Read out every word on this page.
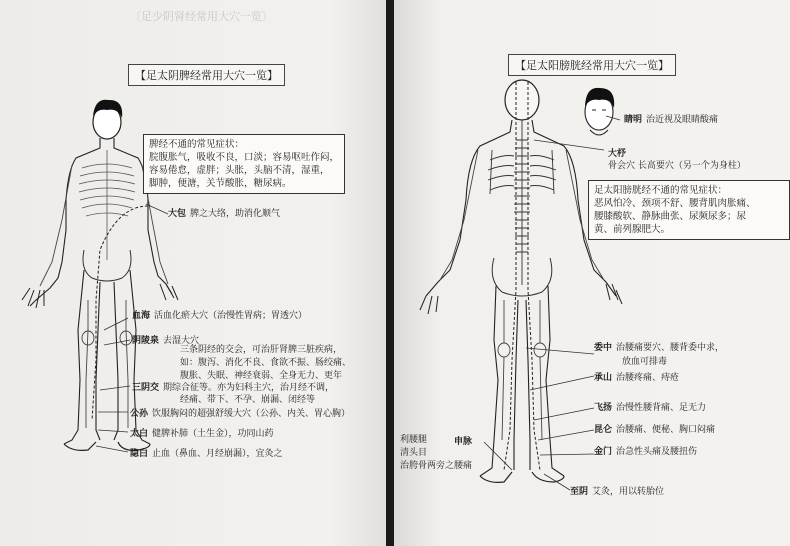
〔足少阴肾经常用大穴一览〕
【足太阴脾经常用大穴一览】
脾经不通的常见症状：
脘腹胀气，吸收不良，口淡；容易呕吐作闷，
容易倦怠，虚胖；头胀，头脑不清，湿重，
脚肿，便溏，关节酸胀，糖尿病。
大包 脾之大络，助消化顺气
血海 活血化瘀大穴（治慢性胃病；胃透穴）
阴陵泉 去湿大穴
三条阴经的交会，可治肝肾脾三脏疾病，
如：腹泻、消化不良、食欲不振、肠绞痛、
腹胀、失眠、神经衰弱、全身无力、更年
三阴交 期综合征等。亦为妇科主穴，治月经不调，
经痛、带下、不孕、崩漏、闭经等
公孙 饮服胸闷的超强舒缓大穴（公孙、内关、胃心胸）
太白 健脾补肺（土生金），功同山药
隐白 止血（鼻血、月经崩漏），宜灸之
【足太阳膀胱经常用大穴一览】
睛明 治近视及眼睛酸痛
大杼
骨会穴 长高要穴（另一个为身柱）
足太阳膀胱经不通的常见症状：
恶风怕冷、颈项不舒、腰背肌肉胀痛、
腰膝酸软、静脉曲张、尿频尿多；尿
黄、前列腺肥大。
委中 治腰痛要穴、腰背委中求，
放血可排毒
承山 治腰疼痛、痔疮
飞扬 治慢性腰背痛、足无力
昆仑 治腰痛、便秘、胸口闷痛
金门 治急性头痛及腰扭伤
至阴 艾灸，用以转胎位
利腰腿
清头目
治胯骨两旁之腰痛
申脉
